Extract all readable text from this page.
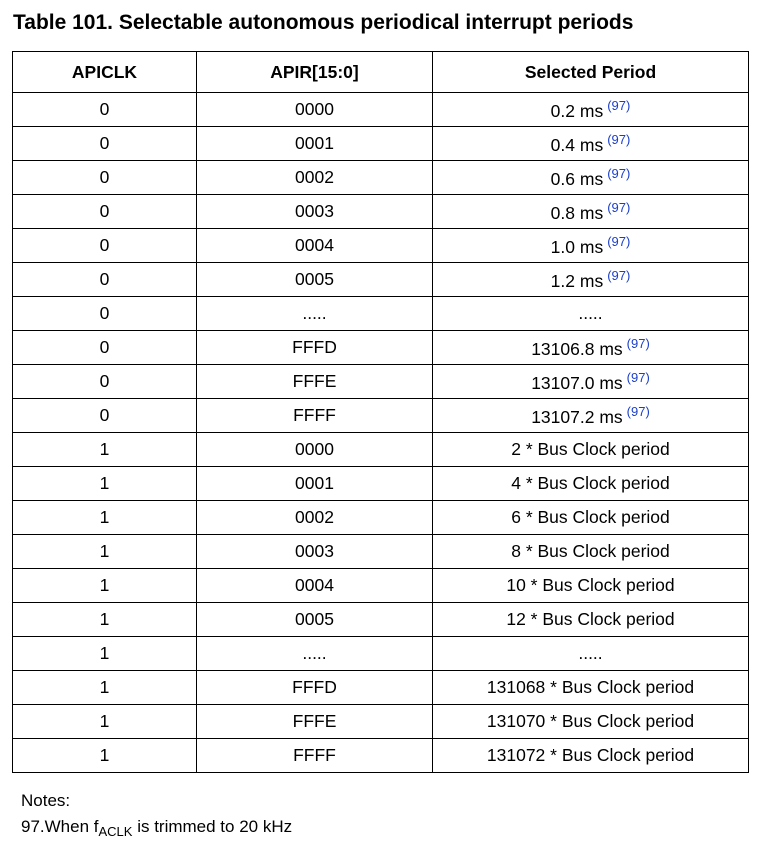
Table 101. Selectable autonomous periodical interrupt periods
APICLK	APIR[15:0]	Selected Period
0	0000	0.2 ms $^{(97)}$
0	0001	0.4 ms $^{(97)}$
0	0002	0.6 ms $^{(97)}$
0	0003	0.8 ms $^{(97)}$
0	0004	1.0 ms $^{(97)}$
0	0005	1.2 ms $^{(97)}$
0	.....	.....
0	FFFD	13106.8 ms $^{(97)}$
0	FFFE	13107.0 ms $^{(97)}$
0	FFFF	13107.2 ms $^{(97)}$
1	0000	2 * Bus Clock period
1	0001	4 * Bus Clock period
1	0002	6 * Bus Clock period
1	0003	8 * Bus Clock period
1	0004	10 * Bus Clock period
1	0005	12 * Bus Clock period
1	.....	.....
1	FFFD	131068 * Bus Clock period
1	FFFE	131070 * Bus Clock period
1	FFFF	131072 * Bus Clock period
Notes:
97.When $f_{ACLK}$ is trimmed to 20 kHz
